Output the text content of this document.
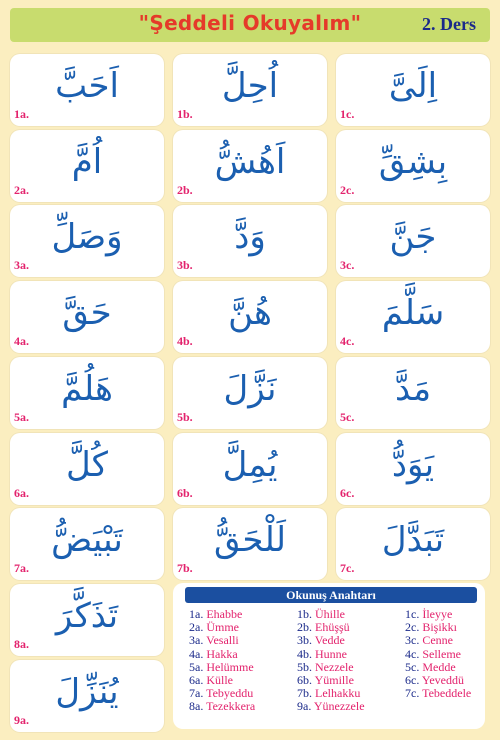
"Şeddeli Okuyalım"	2. Ders
اَحَبَّ
1a.
اُحِلَّ
1b.
اِلَىَّ
1c.
اُمَّ
2a.
اَهُشُّ
2b.
بِشِقِّ
2c.
وَصَلِّ
3a.
وَدَّ
3b.
جَنَّ
3c.
حَقَّ
4a.
هُنَّ
4b.
سَلَّمَ
4c.
هَلُمَّ
5a.
نَزَّلَ
5b.
مَدَّ
5c.
كُلَّ
6a.
يُمِلَّ
6b.
يَوَدُّ
6c.
تَبْيَضُّ
7a.
لَلْحَقُّ
7b.
تَبَدَّلَ
7c.
تَذَكَّرَ
8a.
يُنَزِّلَ
9a.
Okunuş Anahtarı
1a. Ehabbe
2a. Ümme
3a. Vesalli
4a. Hakka
5a. Helümme
6a. Külle
7a. Tebyeddu
8a. Tezekkera
1b. Ühille
2b. Ehüşşü
3b. Vedde
4b. Hunne
5b. Nezzele
6b. Yümille
7b. Lelhakku
9a. Yünezzele
1c. İleyye
2c. Bişikkı
3c. Cenne
4c. Selleme
5c. Medde
6c. Yeveddü
7c. Tebeddele
